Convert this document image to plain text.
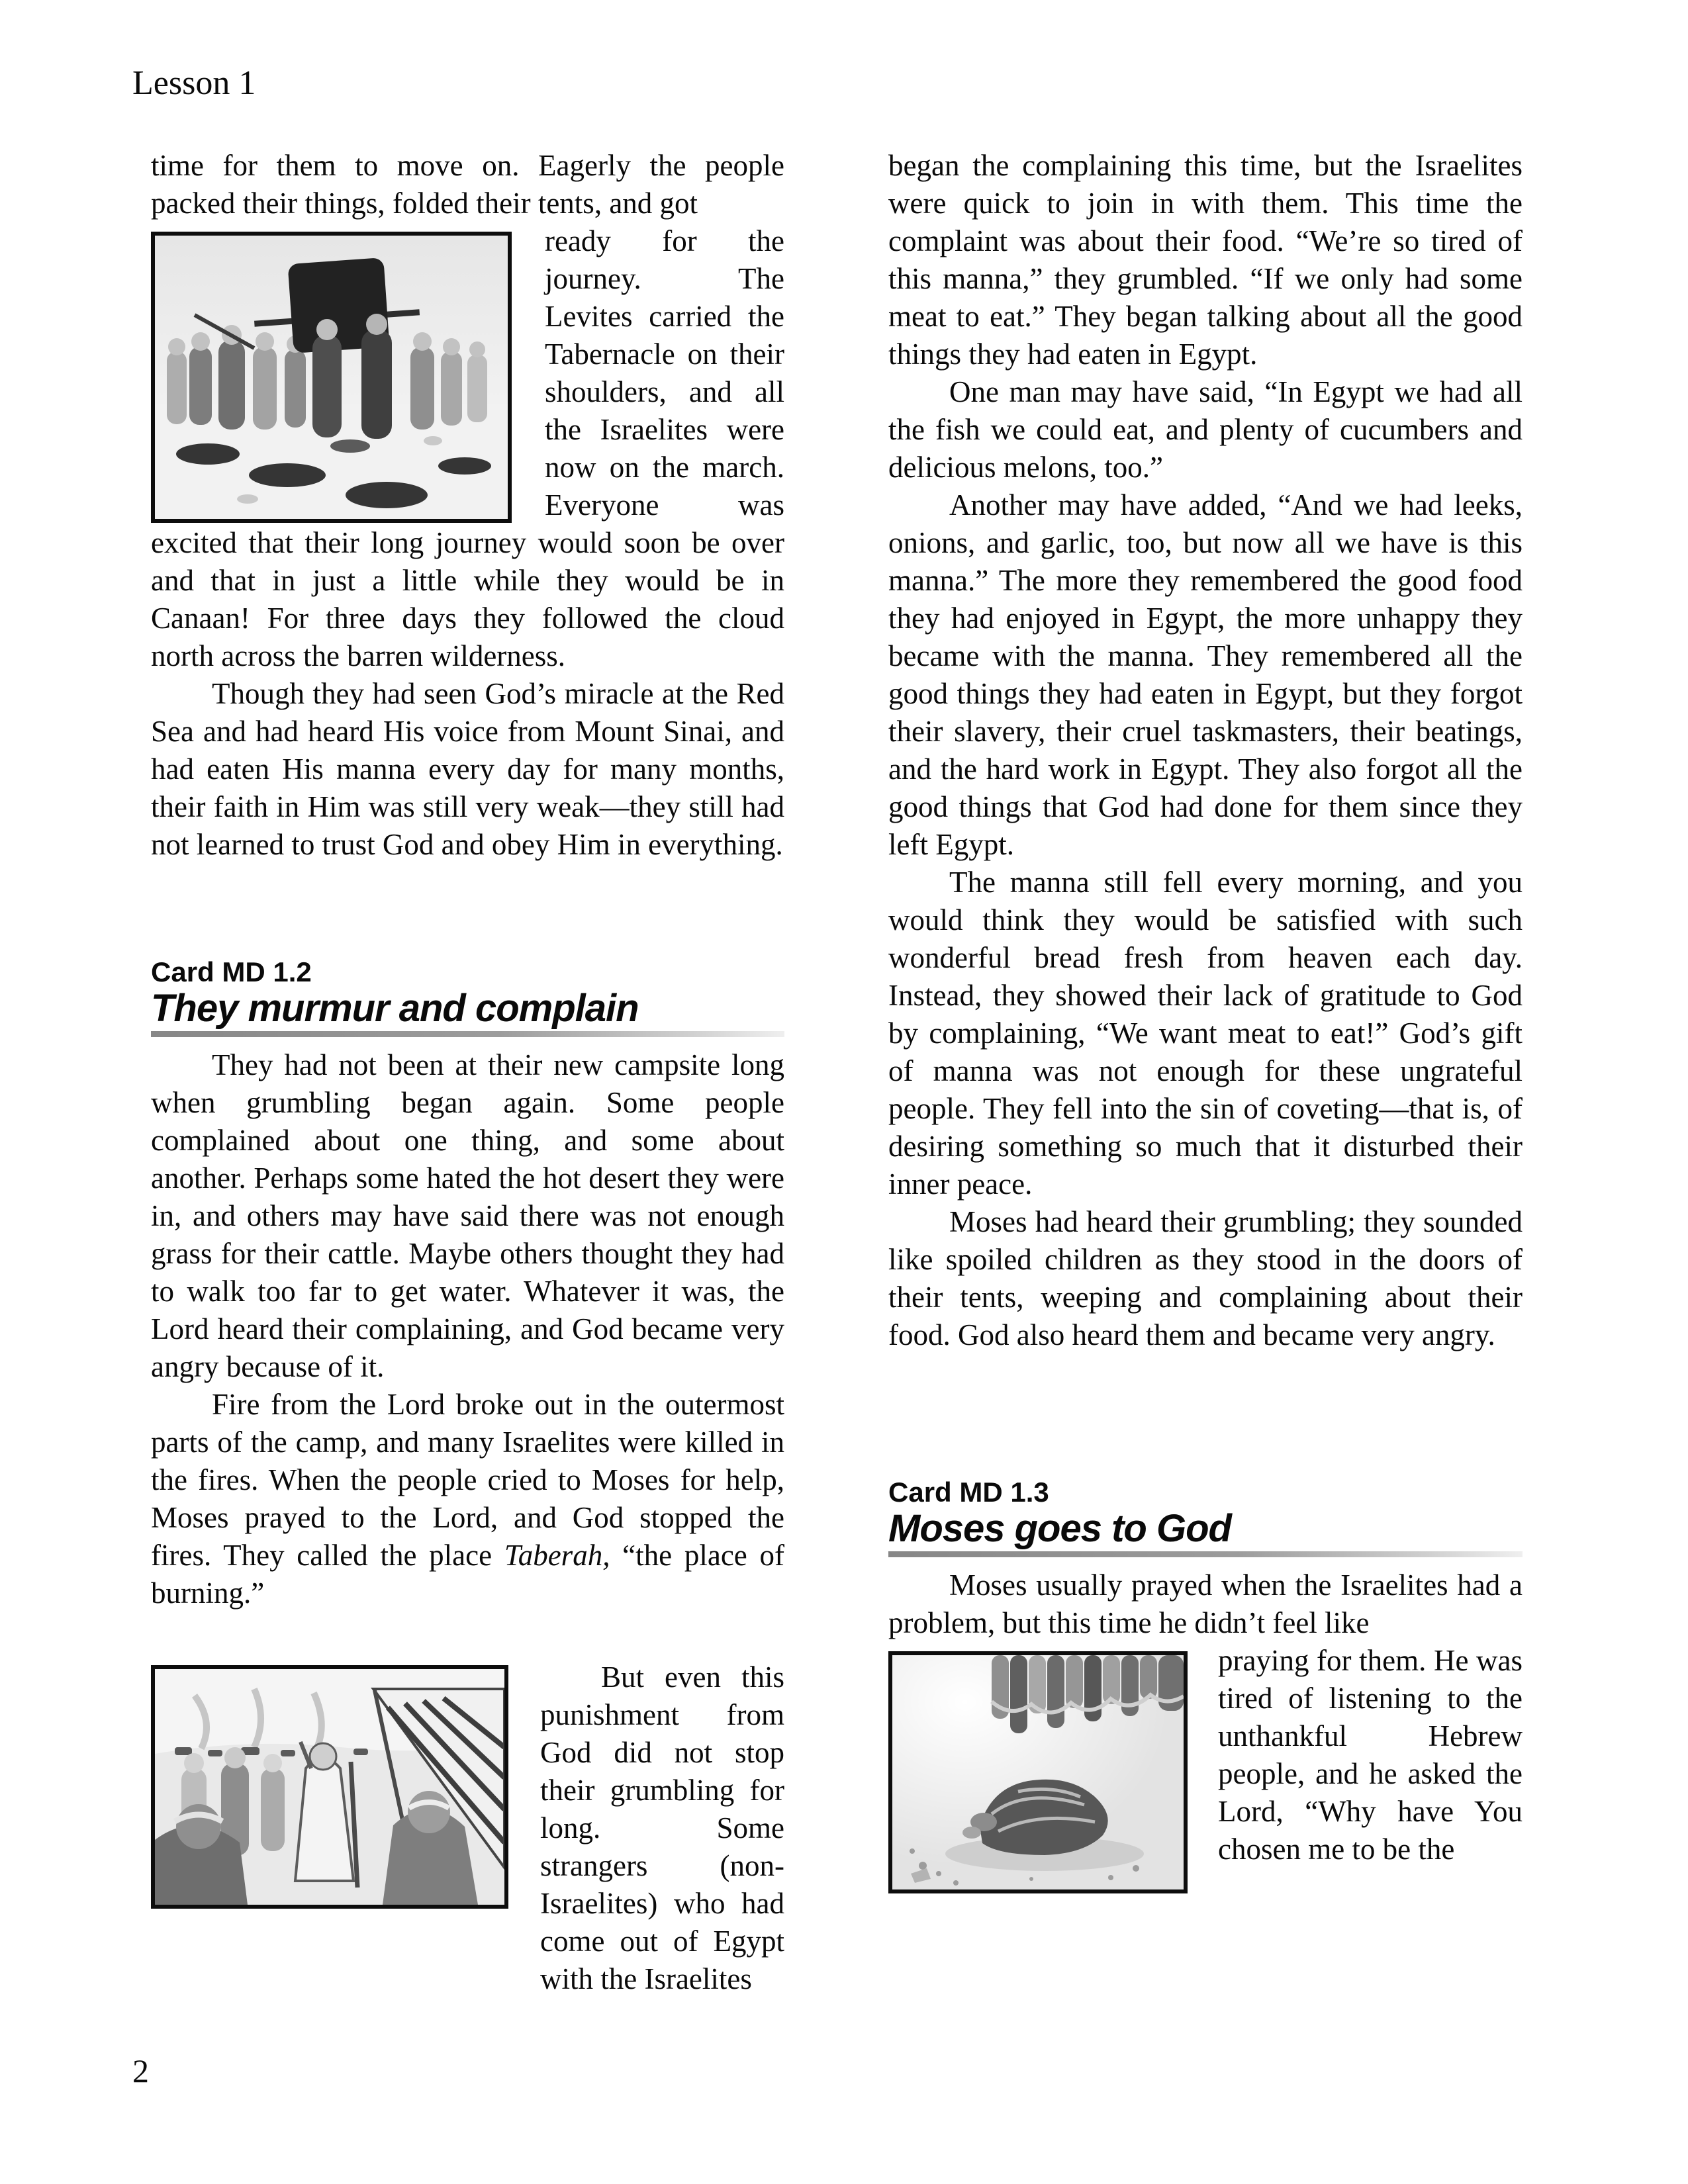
Lesson 1

time for them to move on. Eagerly the people packed their things, folded their tents, and got

ready for the journey. The Levites carried the Tabernacle on their shoulders, and all the Israelites were now on the march. Everyone was excited that their long journey would soon be over and that in just a little while they would be in Canaan! For three days they followed the cloud north across the barren wilderness.

Though they had seen God’s miracle at the Red Sea and had heard His voice from Mount Sinai, and had eaten His manna every day for many months, their faith in Him was still very weak—they still had not learned to trust God and obey Him in everything.

Card MD 1.2

They murmur and complain

They had not been at their new campsite long when grumbling began again. Some people complained about one thing, and some about another. Perhaps some hated the hot desert they were in, and others may have said there was not enough grass for their cattle. Maybe others thought they had to walk too far to get water. Whatever it was, the Lord heard their complaining, and God became very angry because of it.

Fire from the Lord broke out in the outermost parts of the camp, and many Israelites were killed in the fires. When the people cried to Moses for help, Moses prayed to the Lord, and God stopped the fires. They called the place Taberah, “the place of burning.”

But even this punishment from God did not stop their grumbling for long. Some strangers (non-Israelites) who had come out of Egypt with the Israelites

began the complaining this time, but the Israelites were quick to join in with them. This time the complaint was about their food. “We’re so tired of this manna,” they grumbled. “If we only had some meat to eat.” They began talking about all the good things they had eaten in Egypt.

One man may have said, “In Egypt we had all the fish we could eat, and plenty of cucumbers and delicious melons, too.”

Another may have added, “And we had leeks, onions, and garlic, too, but now all we have is this manna.” The more they remembered the good food they had enjoyed in Egypt, the more unhappy they became with the manna. They remembered all the good things they had eaten in Egypt, but they forgot their slavery, their cruel taskmasters, their beatings, and the hard work in Egypt. They also forgot all the good things that God had done for them since they left Egypt.

The manna still fell every morning, and you would think they would be satisfied with such wonderful bread fresh from heaven each day. Instead, they showed their lack of gratitude to God by complaining, “We want meat to eat!” God’s gift of manna was not enough for these ungrateful people. They fell into the sin of coveting—that is, of desiring something so much that it disturbed their inner peace.

Moses had heard their grumbling; they sounded like spoiled children as they stood in the doors of their tents, weeping and complaining about their food. God also heard them and became very angry.

Card MD 1.3

Moses goes to God

Moses usually prayed when the Israelites had a problem, but this time he didn’t feel like

praying for them. He was tired of listening to the unthankful Hebrew people, and he asked the Lord, “Why have You chosen me to be the
2
